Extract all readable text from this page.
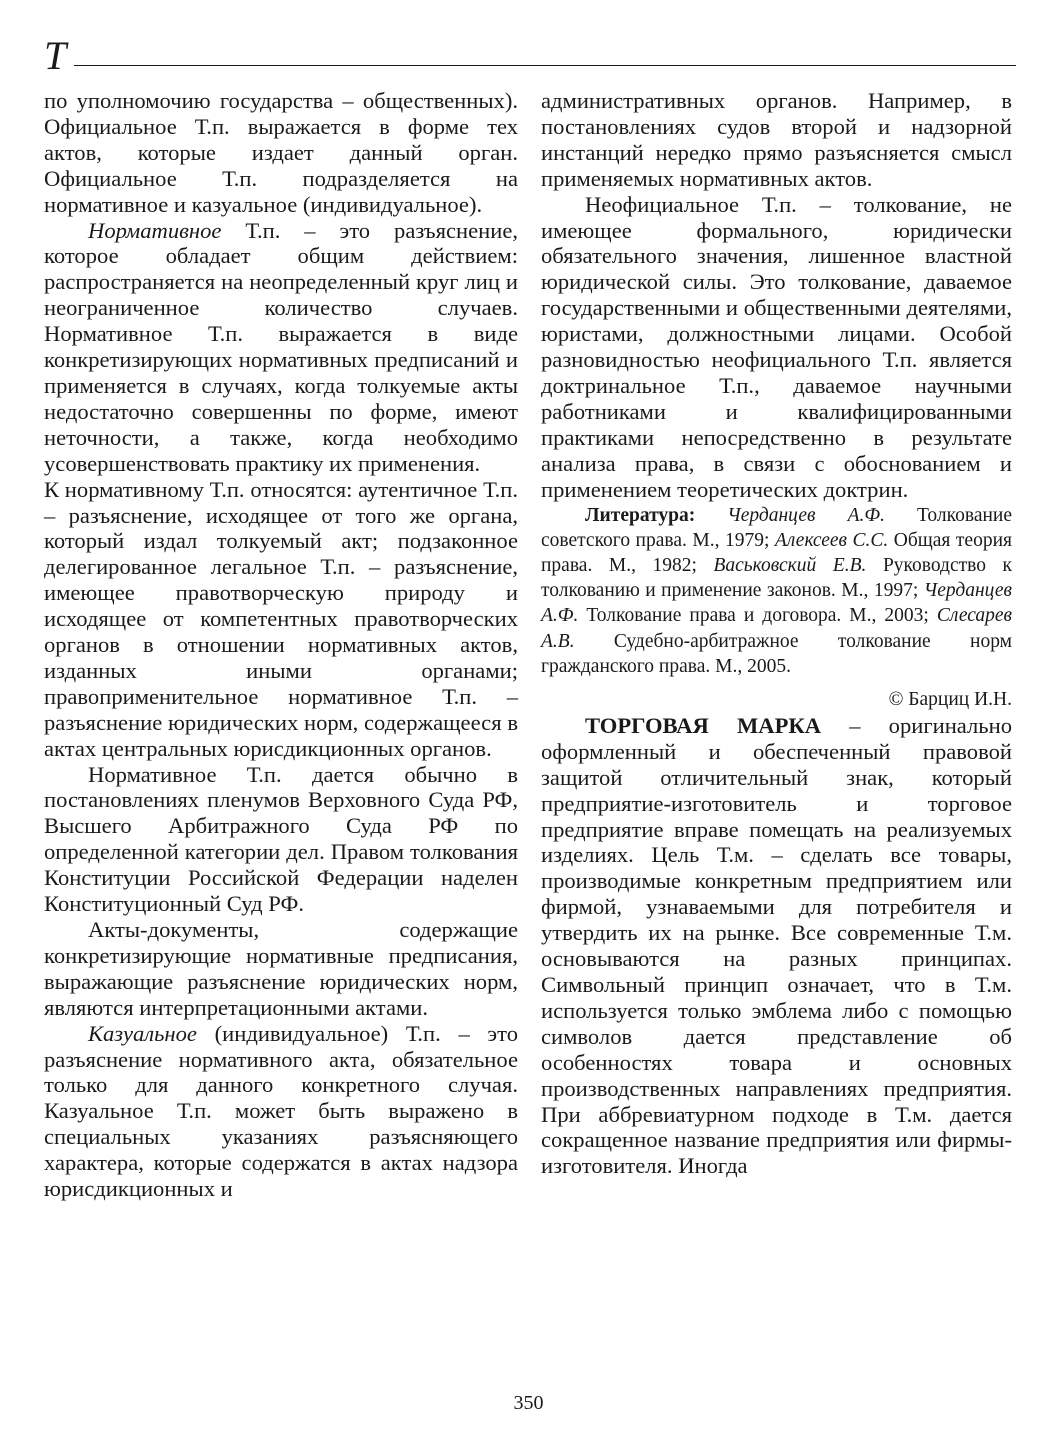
Т

по уполномочию государства – общественных). Официальное Т.п. выражается в форме тех актов, которые издает данный орган. Официальное Т.п. подразделяется на нормативное и казуальное (индивидуальное).

Нормативное Т.п. – это разъяснение, которое обладает общим действием: распространяется на неопределенный круг лиц и неограниченное количество случаев. Нормативное Т.п. выражается в виде конкретизирующих нормативных предписаний и применяется в случаях, когда толкуемые акты недостаточно совершенны по форме, имеют неточности, а также, когда необходимо усовершенствовать практику их применения.

К нормативному Т.п. относятся: аутентичное Т.п. – разъяснение, исходящее от того же органа, который издал толкуемый акт; подзаконное делегированное легальное Т.п. – разъяснение, имеющее правотворческую природу и исходящее от компетентных правотворческих органов в отношении нормативных актов, изданных иными органами; правоприменительное нормативное Т.п. – разъяснение юридических норм, содержащееся в актах центральных юрисдикционных органов.

Нормативное Т.п. дается обычно в постановлениях пленумов Верховного Суда РФ, Высшего Арбитражного Суда РФ по определенной категории дел. Правом толкования Конституции Российской Федерации наделен Конституционный Суд РФ.

Акты-документы, содержащие конкретизирующие нормативные предписания, выражающие разъяснение юридических норм, являются интерпретационными актами.

Казуальное (индивидуальное) Т.п. – это разъяснение нормативного акта, обязательное только для данного конкретного случая. Казуальное Т.п. может быть выражено в специальных указаниях разъясняющего характера, которые содержатся в актах надзора юрисдикционных и

административных органов. Например, в постановлениях судов второй и надзорной инстанций нередко прямо разъясняется смысл применяемых нормативных актов.

Неофициальное Т.п. – толкование, не имеющее формального, юридически обязательного значения, лишенное властной юридической силы. Это толкование, даваемое государственными и общественными деятелями, юристами, должностными лицами. Особой разновидностью неофициального Т.п. является доктринальное Т.п., даваемое научными работниками и квалифицированными практиками непосредственно в результате анализа права, в связи с обоснованием и применением теоретических доктрин.

Литература: Черданцев А.Ф. Толкование советского права. М., 1979; Алексеев С.С. Общая теория права. М., 1982; Васьковский Е.В. Руководство к толкованию и применение законов. М., 1997; Черданцев А.Ф. Толкование права и договора. М., 2003; Слесарев А.В. Судебно-арбитражное толкование норм гражданского права. М., 2005.

© Барциц И.Н.

ТОРГОВАЯ МАРКА – оригинально оформленный и обеспеченный правовой защитой отличительный знак, который предприятие-изготовитель и торговое предприятие вправе помещать на реализуемых изделиях. Цель Т.м. – сделать все товары, производимые конкретным предприятием или фирмой, узнаваемыми для потребителя и утвердить их на рынке. Все современные Т.м. основываются на разных принципах. Символьный принцип означает, что в Т.м. используется только эмблема либо с помощью символов дается представление об особенностях товара и основных производственных направлениях предприятия. При аббревиатурном подходе в Т.м. дается сокращенное название предприятия или фирмы-изготовителя. Иногда

350
